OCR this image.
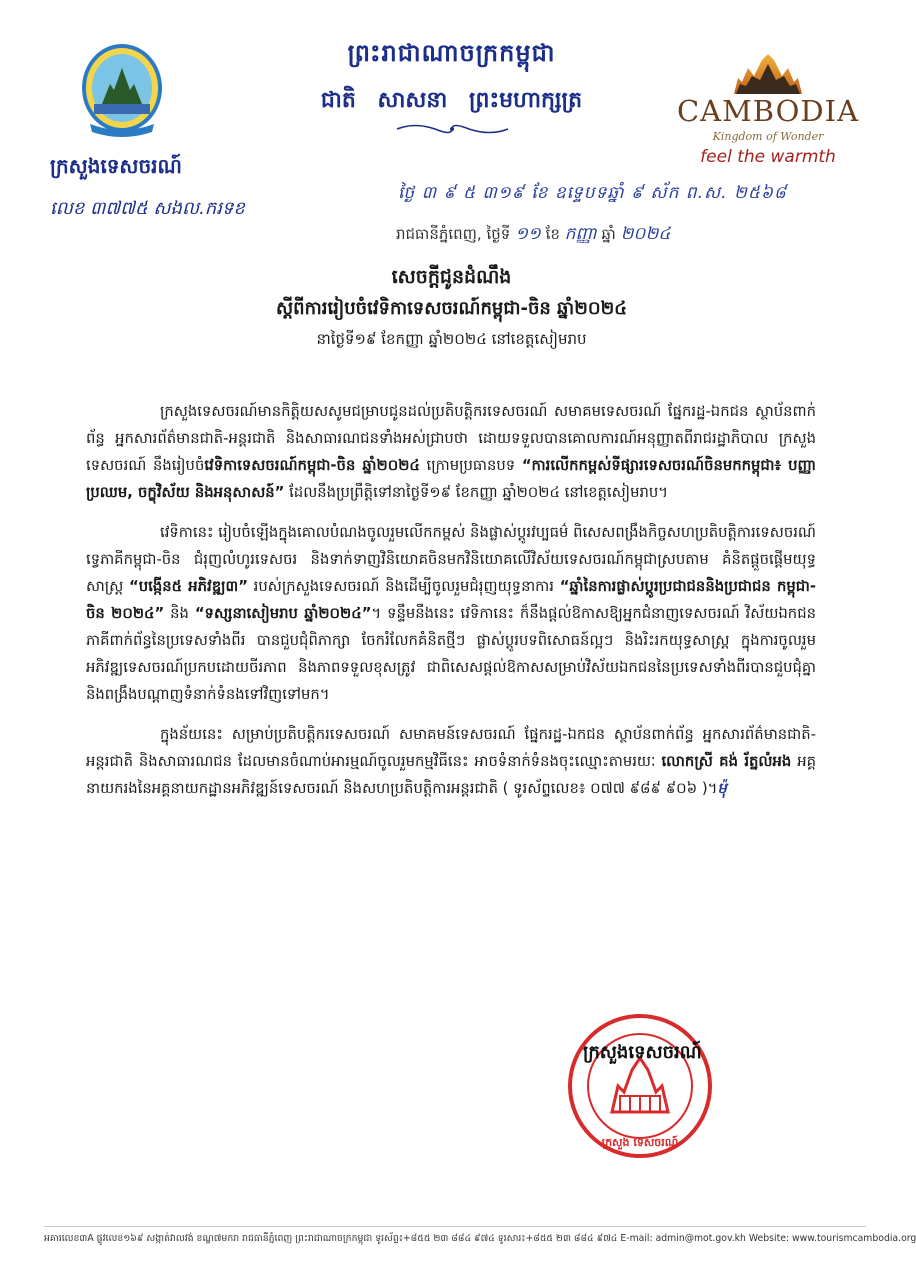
ព្រះរាជាណាចក្រកម្ពុជា
ជាតិ សាសនា ព្រះមហាក្សត្រ	CAMBODIA
Kingdom of Wonder
feel the warmth
ក្រសួងទេសចរណ៍
លេខ ៣៧៧៥ សងល.ករទខ
ថ្ងៃ ៣ ៩ ៥ ៣១៩ ខែ ឧទ្ទេបទឆ្នាំ ៩ ស័ក ព.ស. ២៥៦៨
រាជធានីភ្នំពេញ, ថ្ងៃទី ១១ ខែ កញ្ញា ឆ្នាំ ២០២៤
សេចក្តីជូនដំណឹង
ស្តីពីការរៀបចំវេទិកាទេសចរណ៍កម្ពុជា-ចិន ឆ្នាំ២០២៤
នាថ្ងៃទី១៩ ខែកញ្ញា ឆ្នាំ២០២៤ នៅខេត្តសៀមរាប

ក្រសួងទេសចរណ៍មានកិត្តិយសសូមជម្រាបជូនដល់ប្រតិបត្តិករទេសចរណ៍ សមាគមទេសចរណ៍ ផ្នែករដ្ឋ-ឯកជន ស្ថាប័នពាក់ព័ន្ធ អ្នកសារព័ត៌មានជាតិ-អន្តរជាតិ និងសាធារណជនទាំងអស់ជ្រាបថា ដោយទទួលបានគោលការណ៍អនុញ្ញាតពីរាជរដ្ឋាភិបាល ក្រសួងទេសចរណ៍ នឹងរៀបចំវេទិកាទេសចរណ៍កម្ពុជា-ចិន ឆ្នាំ២០២៤ ក្រោមប្រធានបទ “ការលើកកម្ពស់ទីផ្សារទេសចរណ៍ចិនមកកម្ពុជា៖ បញ្ញាប្រឈម, ចក្ខុវិស័យ និងអនុសាសន៍” ដែលនឹងប្រព្រឹត្តិទៅនាថ្ងៃទី១៩ ខែកញ្ញា ឆ្នាំ២០២៤ នៅខេត្តសៀមរាប។

វេទិកានេះ រៀបចំឡើងក្នុងគោលបំណងចូលរួមលើកកម្ពស់ និងផ្លាស់ប្តូរវប្បធម៌ ពិសេសពង្រឹងកិច្ចសហប្រតិបត្តិការទេសចរណ៍ទ្វេភាគីកម្ពុជា-ចិន ជំរុញលំហូរទេសចរ និងទាក់ទាញវិនិយោគចិនមកវិនិយោគលើវិស័យទេសចរណ៍កម្ពុជាស្របតាម គំនិតផ្តួចផ្តើមយុទ្ធសាស្ត្រ “បង្កើន៥ អភិវឌ្ឍ៣” របស់ក្រសួងទេសចរណ៍ និងដើម្បីចូលរួមជំរុញយុទ្ធនាការ “ឆ្នាំនៃការផ្លាស់ប្តូរប្រជាជននិងប្រជាជន កម្ពុជា-ចិន ២០២៤” និង “ទស្សនាសៀមរាប ឆ្នាំ២០២៤”។ ទន្ទឹមនឹងនេះ វេទិកានេះ ក៏នឹងផ្តល់ឱកាសឱ្យអ្នកជំនាញទេសចរណ៍ វិស័យឯកជន ភាគីពាក់ព័ន្ធនៃប្រទេសទាំងពីរ បានជួបជុំពិភាក្សា ចែករំលែកគំនិតថ្មីៗ ផ្លាស់ប្តូរបទពិសោធន៍ល្អៗ និងរិះរកយុទ្ធសាស្ត្រ ក្នុងការចូលរួមអភិវឌ្ឍទេសចរណ៍ប្រកបដោយចីរភាព និងភាពទទួលខុសត្រូវ ជាពិសេសផ្តល់ឱកាសសម្រាប់វិស័យឯកជននៃប្រទេសទាំងពីរបានជួបជុំគ្នា និងពង្រឹងបណ្តាញទំនាក់ទំនងទៅវិញទៅមក។

ក្នុងន័យនេះ សម្រាប់ប្រតិបត្តិករទេសចរណ៍ សមាគមន៍ទេសចរណ៍ ផ្នែករដ្ឋ-ឯកជន ស្ថាប័នពាក់ព័ន្ធ អ្នកសារព័ត៌មានជាតិ-អន្តរជាតិ និងសាធារណជន ដែលមានចំណាប់អារម្មណ៍ចូលរួមកម្មវិធីនេះ អាចទំនាក់ទំនងចុះឈ្មោះតាមរយៈ លោកស្រី គង់ រ័ត្នលំអង អគ្គនាយករងនៃអគ្គនាយកដ្ឋានអភិវឌ្ឍន៍ទេសចរណ៍ និងសហប្រតិបត្តិការអន្តរជាតិ ( ទូរស័ព្ទលេខ៖ ០៧៧ ៩៨៩ ៩០៦ )។ម៉ុ

ក្រសួង ទេសចរណ៍
ក្រសួងទេសចរណ៍
អគារលេខ៣A ផ្លូវលេខ១៦៩ សង្កាត់វាលវង់ ខណ្ឌ៧មករា រាជធានីភ្នំពេញ ព្រះរាជាណាចក្រកម្ពុជា ទូរស័ព្ទ៖+៨៥៥ ២៣ ៨៨៤ ៩៧៤ ទូរសារ៖+៨៥៥ ២៣ ៨៨៤ ៩៧៤ E-mail: admin@mot.gov.kh Website: www.tourismcambodia.org
